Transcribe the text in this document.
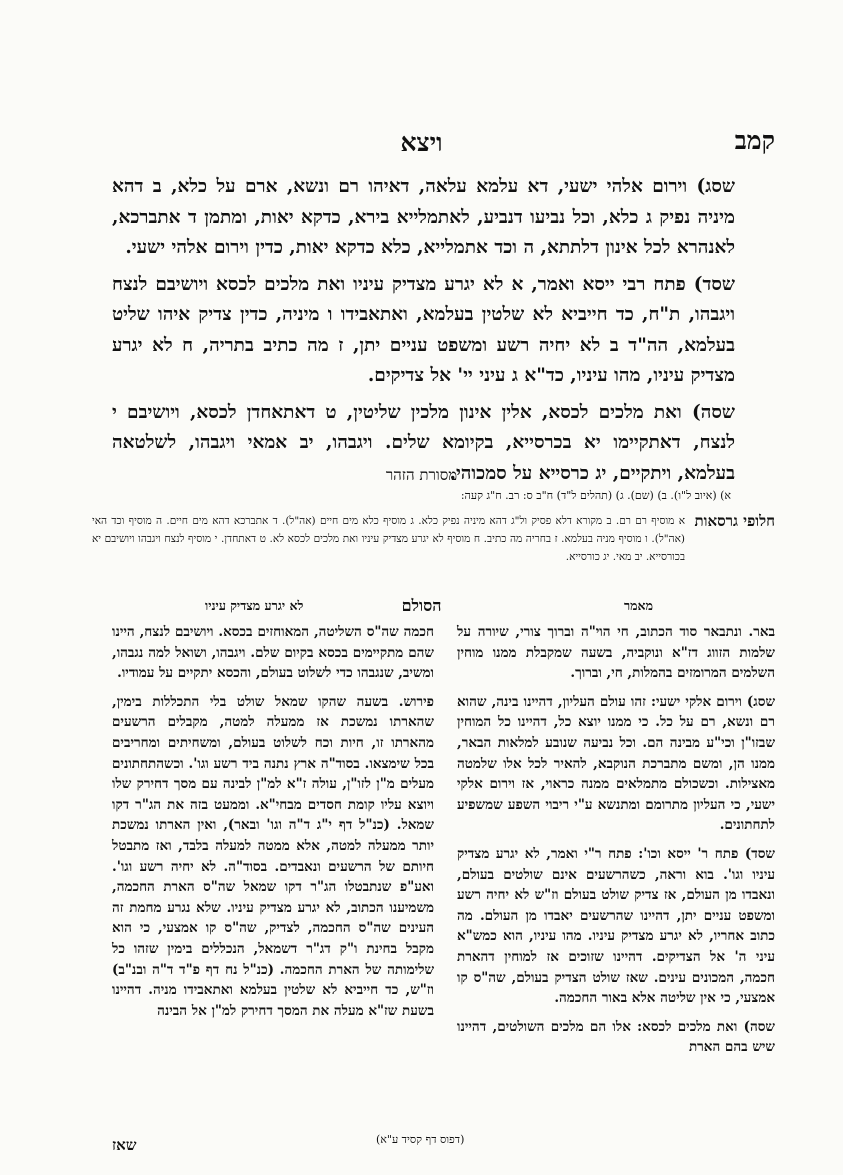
קמב
ויצא

שסג) וירום אלהי ישעי, דא עלמא עלאה, דאיהו רם ונשא, ארם על כלא, ב דהא מיניה נפיק ג כלא, וכל נביעו דנביע, לאתמלייא בירא, כדקא יאות, ומתמן ד אתברכא, לאנהרא לכל אינון דלתתא, ה וכד אתמלייא, כלא כדקא יאות, כדין וירום אלהי ישעי.

שסד) פתח רבי ייסא ואמר, א לא יגרע מצדיק עיניו ואת מלכים לכסא ויושיבם לנצח ויגבהו, ת"ח, כד חייביא לא שלטין בעלמא, ואתאבידו ו מיניה, כדין צדיק איהו שליט בעלמא, הה"ד ב לא יחיה רשע ומשפט עניים יתן, ז מה כתיב בתריה, ח לא יגרע מצדיק עיניו, מהו עיניו, כד"א ג עיני יי' אל צדיקים.

שסה) ואת מלכים לכסא, אלין אינון מלכין שליטין, ט דאתאחדן לכסא, ויושיבם י לנצח, דאתקיימו יא בכרסייא, בקיומא שלים. ויגבהו, יב אמאי ויגבהו, לשלטאה בעלמא, ויתקיים, יג כרסייא על סמכוהי.

מסורת הזהר
א) (איוב ל"ו). ב) (שם). ג) (תהלים ל"ד) ח"ב ס: רב. ח"ג קעה:
חלופי גרסאות
א מוסיף רם רם. ב מקורא דלא פסיק ול"ג דהא מיניה נפיק כלא. ג מוסיף כלא מים חיים (אה"ל). ד אתברכא דהא מים חיים. ה מוסיף וכד האי (אה"ל). ו מוסיף מניה בעלמא. ז בחריה מה כתיב. ח מוסיף לא יגרע מצדיק עיניו ואת מלכים לכסא לא. ט דאתחדן. י מוסיף לנצח ויגבהו ויושיבם יא בכורסייא. יב מאי. יג כורסייא.
מאמר
הסולם
לא יגרע מצדיק עיניו

באר. ונתבאר סוד הכתוב, חי הוי"ה וברוך צורי, שיורה על שלמות הזווג דז"א ונוקביה, בשעה שמקבלת ממנו מוחין השלמים המרומזים בהמלות, חי, וברוך.

שסג) וירום אלקי ישעי: זהו עולם העליון, דהיינו בינה, שהוא רם ונשא, רם על כל. כי ממנו יוצא כל, דהיינו כל המוחין שבזו"ן וכי"ע מבינה הם. וכל נביעה שנובע למלאות הבאר, ממנו הן, ומשם מתברכת הנוקבא, להאיר לכל אלו שלמטה מאצילות. וכשכולם מתמלאים ממנה כראוי, אז וירום אלקי ישעי, כי העליון מתרומם ומתנשא ע"י ריבוי השפע שמשפיע לתחתונים.

שסד) פתח ר' ייסא וכו': פתח ר"י ואמר, לא יגרע מצדיק עיניו וגו'. בוא וראה, כשהרשעים אינם שולטים בעולם, ונאבדו מן העולם, אז צדיק שולט בעולם וז"ש לא יחיה רשע ומשפט עניים יתן, דהיינו שהרשעים יאבדו מן העולם. מה כתוב אחריו, לא יגרע מצדיק עיניו. מהו עיניו, הוא כמש"א עיני ה' אל הצדיקים. דהיינו שזוכים אז למוחין דהארת חכמה, המכונים עינים. שאז שולט הצדיק בעולם, שה"ס קו אמצעי, כי אין שליטה אלא באור החכמה.

שסה) ואת מלכים לכסא: אלו הם מלכים השולטים, דהיינו שיש בהם הארת

חכמה שה"ס השליטה, המאוחזים בכסא. ויושיבם לנצח, היינו שהם מתקיימים בכסא בקיום שלם. ויגבהו, ושואל למה נגבהו, ומשיב, שנגבהו כדי לשלוט בעולם, והכסא יתקיים על עמודיו.

פירוש. בשעה שהקו שמאל שולט בלי התכללות בימין, שהארתו נמשכת אז ממעלה למטה, מקבלים הרשעים מהארתו זו, חיות וכח לשלוט בעולם, ומשחיתים ומחריבים בכל שימצאו. בסוד"ה ארץ נתנה ביד רשע וגו'. וכשהתחתונים מעלים מ"ן לזו"ן, עולה ז"א למ"ן לבינה עם מסך דחירק שלו ויוצא עליו קומת חסדים מבחי"א. וממעט בזה את הג"ר דקו שמאל. (כנ"ל דף י"ג ד"ה וגו' ובאר), ואין הארתו נמשכת יותר ממעלה למטה, אלא ממטה למעלה בלבד, ואז מתבטל חיותם של הרשעים ונאבדים. בסוד"ה. לא יחיה רשע וגו'. ואע"פ שנתבטלו הג"ר דקו שמאל שה"ס הארת החכמה, משמיענו הכתוב, לא יגרע מצדיק עיניו. שלא נגרע מחמת זה העינים שה"ס החכמה, לצדיק, שה"ס קו אמצעי, כי הוא מקבל בחינת ו"ק דג"ר דשמאל, הנכללים בימין שזהו כל שלימותה של הארת החכמה. (כנ"ל נח דף פ"ד ד"ה ובנ"ב) וז"ש, כד חייביא לא שלטין בעלמא ואתאבידו מניה. דהיינו בשעת שז"א מעלה את המסך דחירק למ"ן אל הבינה

שאז	(דפוס דף קסיד ע"א)
